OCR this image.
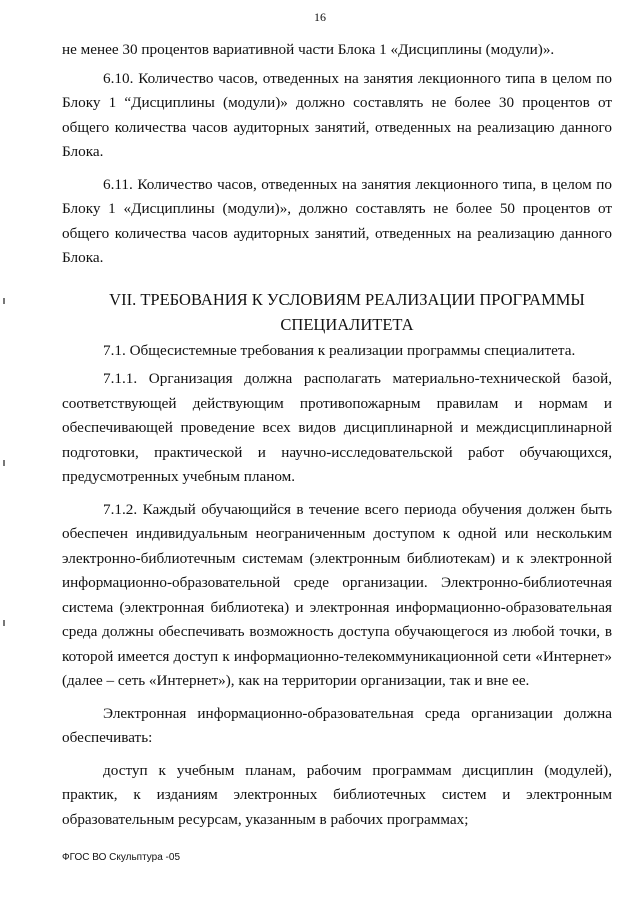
16

не менее 30 процентов вариативной части Блока 1 «Дисциплины (модули)».

6.10. Количество часов, отведенных на занятия лекционного типа в целом по Блоку 1 “Дисциплины (модули)» должно составлять не более 30 процентов от общего количества часов аудиторных занятий, отведенных на реализацию данного Блока.

6.11. Количество часов, отведенных на занятия лекционного типа, в целом по Блоку 1 «Дисциплины (модули)», должно составлять не более 50 процентов от общего количества часов аудиторных занятий, отведенных на реализацию данного Блока.

VII. ТРЕБОВАНИЯ К УСЛОВИЯМ РЕАЛИЗАЦИИ ПРОГРАММЫ
СПЕЦИАЛИТЕТА

7.1. Общесистемные требования к реализации программы специалитета.

7.1.1. Организация должна располагать материально-технической базой, соответствующей действующим противопожарным правилам и нормам и обеспечивающей проведение всех видов дисциплинарной и междисциплинарной подготовки, практической и научно-исследовательской работ обучающихся, предусмотренных учебным планом.

7.1.2. Каждый обучающийся в течение всего периода обучения должен быть обеспечен индивидуальным неограниченным доступом к одной или нескольким электронно-библиотечным системам (электронным библиотекам) и к электронной информационно-образовательной среде организации. Электронно-библиотечная система (электронная библиотека) и электронная информационно-образовательная среда должны обеспечивать возможность доступа обучающегося из любой точки, в которой имеется доступ к информационно-телекоммуникационной сети «Интернет» (далее – сеть «Интернет»), как на территории организации, так и вне ее.

Электронная информационно-образовательная среда организации должна обеспечивать:

доступ к учебным планам, рабочим программам дисциплин (модулей), практик, к изданиям электронных библиотечных систем и электронным образовательным ресурсам, указанным в рабочих программах;

ФГОС ВО Скульптура -05
